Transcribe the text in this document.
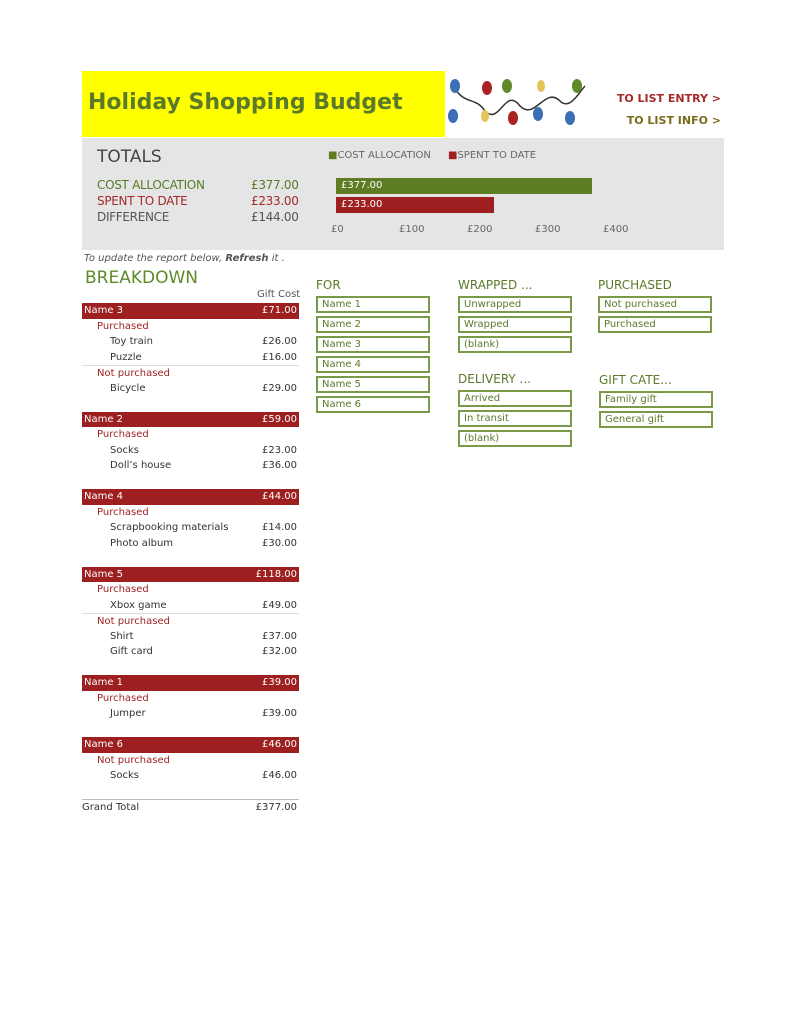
Holiday Shopping Budget	TO LIST ENTRY >
TO LIST INFO >
TOTALS
COST ALLOCATION	£377.00
SPENT TO DATE	£233.00
DIFFERENCE	£144.00
■COST ALLOCATION ■SPENT TO DATE
£377.00
£233.00
£0	£100	£200	£300	£400
To update the report below, Refresh it .
BREAKDOWN
Gift Cost
Name 3	£71.00
Purchased
Toy train	£26.00
Puzzle	£16.00
Not purchased
Bicycle	£29.00
Name 2	£59.00
Purchased
Socks	£23.00
Doll’s house	£36.00
Name 4	£44.00
Purchased
Scrapbooking materials	£14.00
Photo album	£30.00
Name 5	£118.00
Purchased
Xbox game	£49.00
Not purchased
Shirt	£37.00
Gift card	£32.00
Name 1	£39.00
Purchased
Jumper	£39.00
Name 6	£46.00
Not purchased
Socks	£46.00
Grand Total	£377.00
FOR
Name 1
Name 2
Name 3
Name 4
Name 5
Name 6
WRAPPED ...
Unwrapped
Wrapped
(blank)
PURCHASED
Not purchased
Purchased
DELIVERY ...
Arrived
In transit
(blank)
GIFT CATE...
Family gift
General gift
